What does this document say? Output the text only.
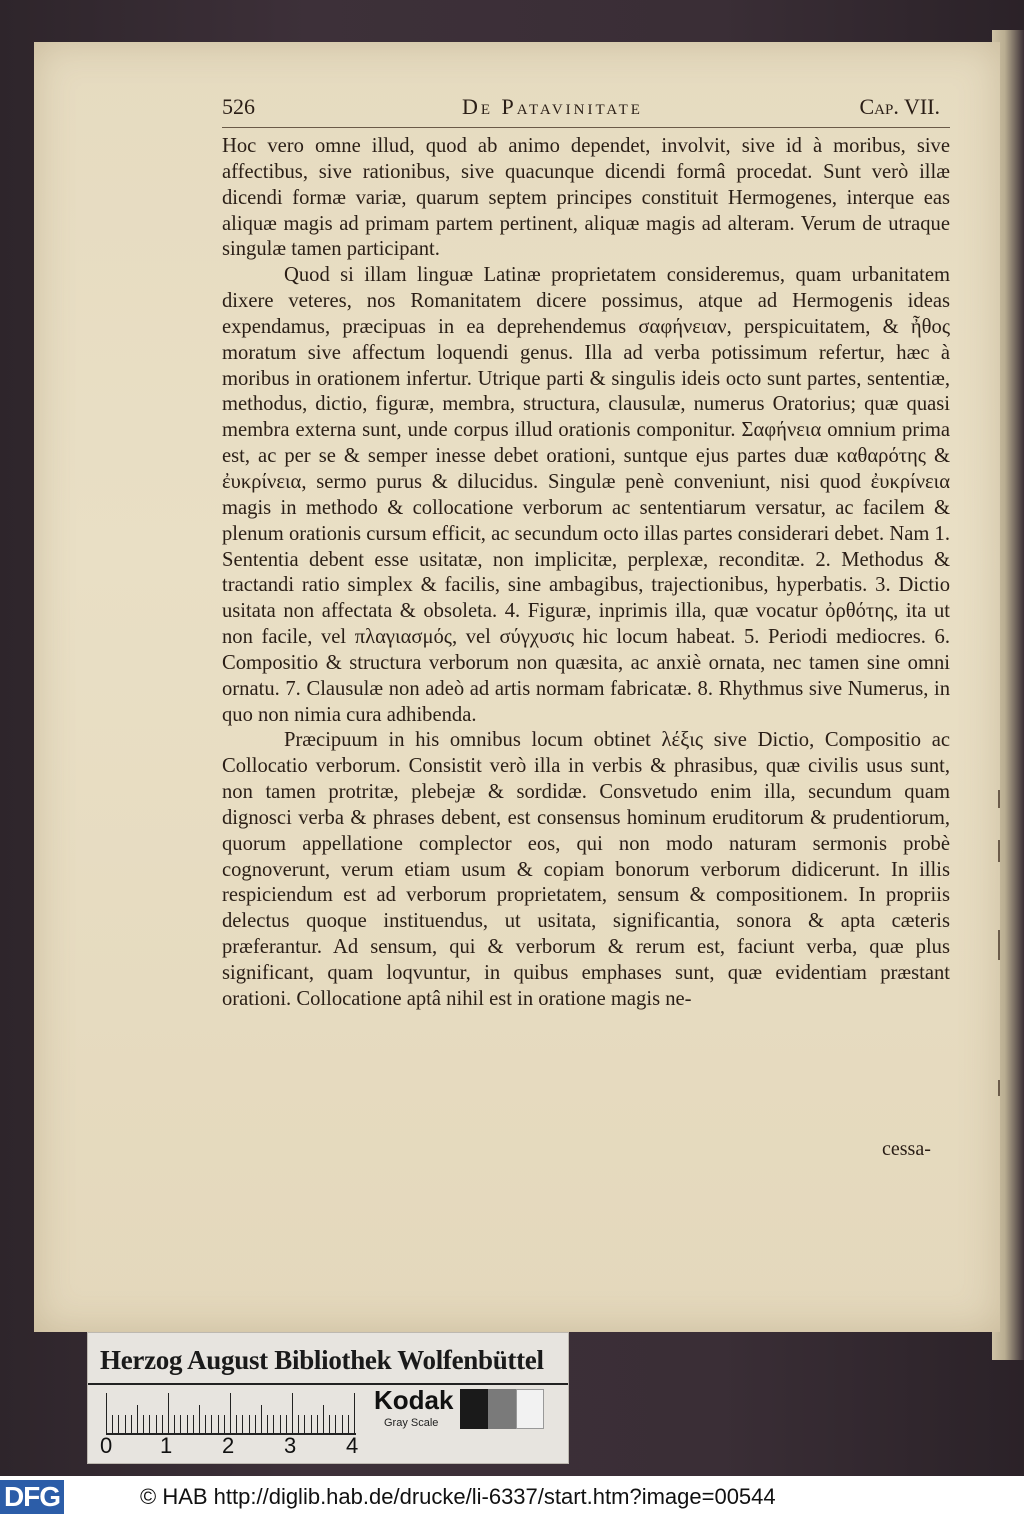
526	De Patavinitate	Cap. VII.

Hoc vero omne illud, quod ab animo dependet, involvit, sive id à moribus, sive affectibus, sive rationibus, sive quacunque dicendi formâ procedat. Sunt verò illæ dicendi formæ variæ, quarum septem principes constituit Hermogenes, interque eas aliquæ magis ad primam partem pertinent, aliquæ magis ad alteram. Verum de utraque singulæ tamen participant.

Quod si illam linguæ Latinæ proprietatem consideremus, quam urbanitatem dixere veteres, nos Romanitatem dicere possimus, atque ad Hermogenis ideas expendamus, præcipuas in ea deprehendemus σαφήνειαν, perspicuitatem, & ἦθος moratum sive affectum loquendi genus. Illa ad verba potissimum refertur, hæc à moribus in orationem infertur. Utrique parti & singulis ideis octo sunt partes, sententiæ, methodus, dictio, figuræ, membra, structura, clausulæ, numerus Oratorius; quæ quasi membra externa sunt, unde corpus illud orationis componitur. Σαφήνεια omnium prima est, ac per se & semper inesse debet orationi, suntque ejus partes duæ καθαρότης & ἐυκρίνεια, sermo purus & dilucidus. Singulæ penè conveniunt, nisi quod ἐυκρίνεια magis in methodo & collocatione verborum ac sententiarum versatur, ac facilem & plenum orationis cursum efficit, ac secundum octo illas partes considerari debet. Nam 1. Sententia debent esse usitatæ, non implicitæ, perplexæ, reconditæ. 2. Methodus & tractandi ratio simplex & facilis, sine ambagibus, trajectionibus, hyperbatis. 3. Dictio usitata non affectata & obsoleta. 4. Figuræ, inprimis illa, quæ vocatur ὀρθότης, ita ut non facile, vel πλαγιασμός, vel σύγχυσις hic locum habeat. 5. Periodi mediocres. 6. Compositio & structura verborum non quæsita, ac anxiè ornata, nec tamen sine omni ornatu. 7. Clausulæ non adeò ad artis normam fabricatæ. 8. Rhythmus sive Numerus, in quo non nimia cura adhibenda.

Præcipuum in his omnibus locum obtinet λέξις sive Dictio, Compositio ac Collocatio verborum. Consistit verò illa in verbis & phrasibus, quæ civilis usus sunt, non tamen protritæ, plebejæ & sordidæ. Consvetudo enim illa, secundum quam dignosci verba & phrases debent, est consensus hominum eruditorum & prudentiorum, quorum appellatione complector eos, qui non modo naturam sermonis probè cognoverunt, verum etiam usum & copiam bonorum verborum didicerunt. In illis respiciendum est ad verborum proprietatem, sensum & compositionem. In propriis delectus quoque instituendus, ut usitata, significantia, sonora & apta cæteris præferantur. Ad sensum, qui & verborum & rerum est, faciunt verba, quæ plus significant, quam loqvuntur, in quibus emphases sunt, quæ evidentiam præstant orationi. Collocatione aptâ nihil est in oratione magis ne-

cessa-
Herzog August Bibliothek Wolfenbüttel
0 1 2 3 4
Kodak
Gray Scale
DFG	© HAB http://diglib.hab.de/drucke/li-6337/start.htm?image=00544
